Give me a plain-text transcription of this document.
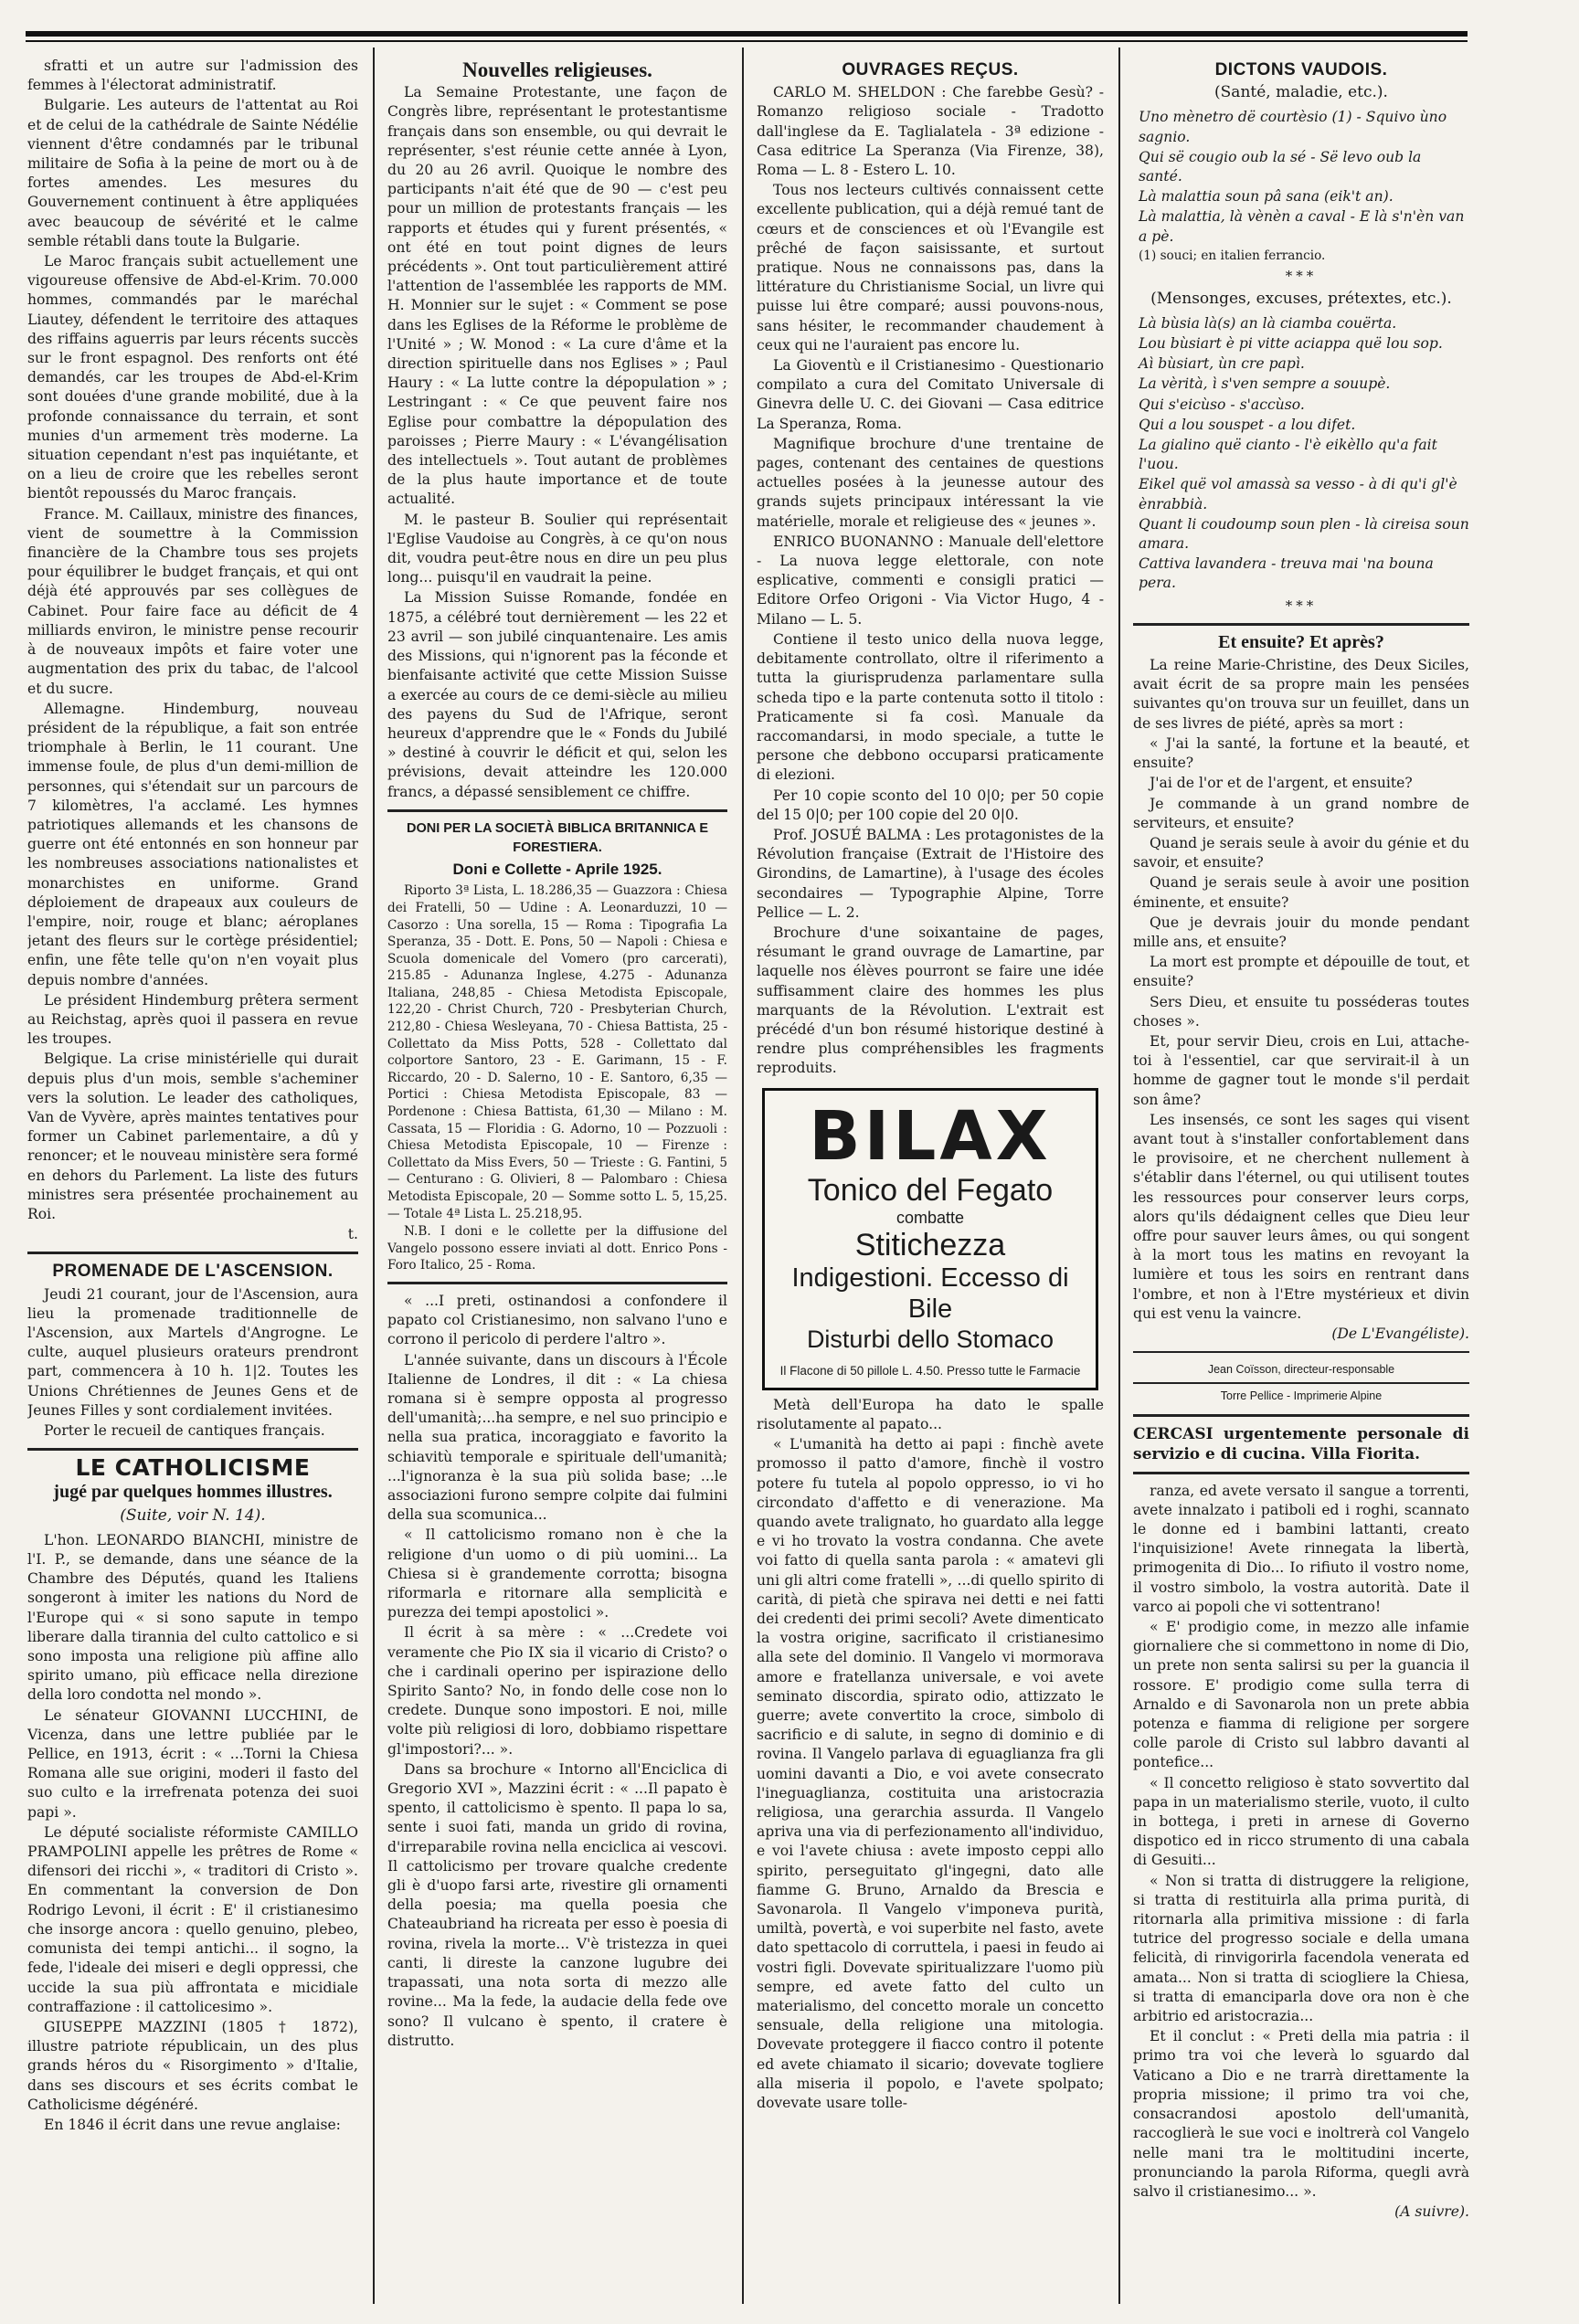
sfratti et un autre sur l'admission des femmes à l'électorat administratif.

Bulgarie. Les auteurs de l'attentat au Roi et de celui de la cathédrale de Sainte Nédélie viennent d'être condamnés par le tribunal militaire de Sofia à la peine de mort ou à de fortes amendes. Les mesures du Gouvernement continuent à être appliquées avec beaucoup de sévérité et le calme semble rétabli dans toute la Bulgarie.

Le Maroc français subit actuellement une vigoureuse offensive de Abd-el-Krim. 70.000 hommes, commandés par le maréchal Liautey, défendent le territoire des attaques des riffains aguerris par leurs récents succès sur le front espagnol. Des renforts ont été demandés, car les troupes de Abd-el-Krim sont douées d'une grande mobilité, due à la profonde connaissance du terrain, et sont munies d'un armement très moderne. La situation cependant n'est pas inquiétante, et on a lieu de croire que les rebelles seront bientôt repoussés du Maroc français.

France. M. Caillaux, ministre des finances, vient de soumettre à la Commission financière de la Chambre tous ses projets pour équilibrer le budget français, et qui ont déjà été approuvés par ses collègues de Cabinet. Pour faire face au déficit de 4 milliards environ, le ministre pense recourir à de nouveaux impôts et faire voter une augmentation des prix du tabac, de l'alcool et du sucre.

Allemagne. Hindemburg, nouveau président de la république, a fait son entrée triomphale à Berlin, le 11 courant. Une immense foule, de plus d'un demi-million de personnes, qui s'étendait sur un parcours de 7 kilomètres, l'a acclamé. Les hymnes patriotiques allemands et les chansons de guerre ont été entonnés en son honneur par les nombreuses associations nationalistes et monarchistes en uniforme. Grand déploiement de drapeaux aux couleurs de l'empire, noir, rouge et blanc; aéroplanes jetant des fleurs sur le cortège présidentiel; enfin, une fête telle qu'on n'en voyait plus depuis nombre d'années.

Le président Hindemburg prêtera serment au Reichstag, après quoi il passera en revue les troupes.

Belgique. La crise ministérielle qui durait depuis plus d'un mois, semble s'acheminer vers la solution. Le leader des catholiques, Van de Vyvère, après maintes tentatives pour former un Cabinet parlementaire, a dû y renoncer; et le nouveau ministère sera formé en dehors du Parlement. La liste des futurs ministres sera présentée prochainement au Roi.

t.
PROMENADE DE L'ASCENSION.

Jeudi 21 courant, jour de l'Ascension, aura lieu la promenade traditionnelle de l'Ascension, aux Martels d'Angrogne. Le culte, auquel plusieurs orateurs prendront part, commencera à 10 h. 1|2. Toutes les Unions Chrétiennes de Jeunes Gens et de Jeunes Filles y sont cordialement invitées.

Porter le recueil de cantiques français.

LE CATHOLICISME
jugé par quelques hommes illustres.
(Suite, voir N. 14).

L'hon. LEONARDO BIANCHI, ministre de l'I. P., se demande, dans une séance de la Chambre des Députés, quand les Italiens songeront à imiter les nations du Nord de l'Europe qui « si sono sapute in tempo liberare dalla tirannia del culto cattolico e si sono imposta una religione più affine allo spirito umano, più efficace nella direzione della loro condotta nel mondo ».

Le sénateur GIOVANNI LUCCHINI, de Vicenza, dans une lettre publiée par le Pellice, en 1913, écrit : « ...Torni la Chiesa Romana alle sue origini, moderi il fasto del suo culto e la irrefrenata potenza dei suoi papi ».

Le député socialiste réformiste CAMILLO PRAMPOLINI appelle les prêtres de Rome « difensori dei ricchi », « traditori di Cristo ». En commentant la conversion de Don Rodrigo Levoni, il écrit : E' il cristianesimo che insorge ancora : quello genuino, plebeo, comunista dei tempi antichi... il sogno, la fede, l'ideale dei miseri e degli oppressi, che uccide la sua più affrontata e micidiale contraffazione : il cattolicesimo ».

GIUSEPPE MAZZINI (1805 † 1872), illustre patriote républicain, un des plus grands héros du « Risorgimento » d'Italie, dans ses discours et ses écrits combat le Catholicisme dégénéré.

En 1846 il écrit dans une revue anglaise:

Nouvelles religieuses.

La Semaine Protestante, une façon de Congrès libre, représentant le protestantisme français dans son ensemble, ou qui devrait le représenter, s'est réunie cette année à Lyon, du 20 au 26 avril. Quoique le nombre des participants n'ait été que de 90 — c'est peu pour un million de protestants français — les rapports et études qui y furent présentés, « ont été en tout point dignes de leurs précédents ». Ont tout particulièrement attiré l'attention de l'assemblée les rapports de MM. H. Monnier sur le sujet : « Comment se pose dans les Eglises de la Réforme le problème de l'Unité » ; W. Monod : « La cure d'âme et la direction spirituelle dans nos Eglises » ; Paul Haury : « La lutte contre la dépopulation » ; Lestringant : « Ce que peuvent faire nos Eglise pour combattre la dépopulation des paroisses ; Pierre Maury : « L'évangélisation des intellectuels ». Tout autant de problèmes de la plus haute importance et de toute actualité.

M. le pasteur B. Soulier qui représentait l'Eglise Vaudoise au Congrès, à ce qu'on nous dit, voudra peut-être nous en dire un peu plus long... puisqu'il en vaudrait la peine.

La Mission Suisse Romande, fondée en 1875, a célébré tout dernièrement — les 22 et 23 avril — son jubilé cinquantenaire. Les amis des Missions, qui n'ignorent pas la féconde et bienfaisante activité que cette Mission Suisse a exercée au cours de ce demi-siècle au milieu des payens du Sud de l'Afrique, seront heureux d'apprendre que le « Fonds du Jubilé » destiné à couvrir le déficit et qui, selon les prévisions, devait atteindre les 120.000 francs, a dépassé sensiblement ce chiffre.

DONI PER LA SOCIETÀ BIBLICA BRITANNICA E FORESTIERA.
Doni e Collette - Aprile 1925.

Riporto 3ª Lista, L. 18.286,35 — Guazzora : Chiesa dei Fratelli, 50 — Udine : A. Leonarduzzi, 10 — Casorzo : Una sorella, 15 — Roma : Tipografia La Speranza, 35 - Dott. E. Pons, 50 — Napoli : Chiesa e Scuola domenicale del Vomero (pro carcerati), 215.85 - Adunanza Inglese, 4.275 - Adunanza Italiana, 248,85 - Chiesa Metodista Episcopale, 122,20 - Christ Church, 720 - Presbyterian Church, 212,80 - Chiesa Wesleyana, 70 - Chiesa Battista, 25 - Collettato da Miss Potts, 528 - Collettato dal colportore Santoro, 23 - E. Garimann, 15 - F. Riccardo, 20 - D. Salerno, 10 - E. Santoro, 6,35 — Portici : Chiesa Metodista Episcopale, 83 — Pordenone : Chiesa Battista, 61,30 — Milano : M. Cassata, 15 — Floridia : G. Adorno, 10 — Pozzuoli : Chiesa Metodista Episcopale, 10 — Firenze : Collettato da Miss Evers, 50 — Trieste : G. Fantini, 5 — Centurano : G. Olivieri, 8 — Palombaro : Chiesa Metodista Episcopale, 20 — Somme sotto L. 5, 15,25. — Totale 4ª Lista L. 25.218,95.

N.B. I doni e le collette per la diffusione del Vangelo possono essere inviati al dott. Enrico Pons - Foro Italico, 25 - Roma.

« ...I preti, ostinandosi a confondere il papato col Cristianesimo, non salvano l'uno e corrono il pericolo di perdere l'altro ».

L'année suivante, dans un discours à l'École Italienne de Londres, il dit : « La chiesa romana si è sempre opposta al progresso dell'umanità;...ha sempre, e nel suo principio e nella sua pratica, incoraggiato e favorito la schiavitù temporale e spirituale dell'umanità; ...l'ignoranza è la sua più solida base; ...le associazioni furono sempre colpite dai fulmini della sua scomunica...

« Il cattolicismo romano non è che la religione d'un uomo o di più uomini... La Chiesa si è grandemente corrotta; bisogna riformarla e ritornare alla semplicità e purezza dei tempi apostolici ».

Il écrit à sa mère : « ...Credete voi veramente che Pio IX sia il vicario di Cristo? o che i cardinali operino per ispirazione dello Spirito Santo? No, in fondo delle cose non lo credete. Dunque sono impostori. E noi, mille volte più religiosi di loro, dobbiamo rispettare gl'impostori?... ».

Dans sa brochure « Intorno all'Enciclica di Gregorio XVI », Mazzini écrit : « ...Il papato è spento, il cattolicismo è spento. Il papa lo sa, sente i suoi fati, manda un grido di rovina, d'irreparabile rovina nella enciclica ai vescovi. Il cattolicismo per trovare qualche credente gli è d'uopo farsi arte, rivestire gli ornamenti della poesia; ma quella poesia che Chateaubriand ha ricreata per esso è poesia di rovina, rivela la morte... V'è tristezza in quei canti, li direste la canzone lugubre dei trapassati, una nota sorta di mezzo alle rovine... Ma la fede, la audacie della fede ove sono? Il vulcano è spento, il cratere è distrutto.

OUVRAGES REÇUS.

CARLO M. SHELDON : Che farebbe Gesù? - Romanzo religioso sociale - Tradotto dall'inglese da E. Taglialatela - 3ª edizione - Casa editrice La Speranza (Via Firenze, 38), Roma — L. 8 - Estero L. 10.

Tous nos lecteurs cultivés connaissent cette excellente publication, qui a déjà remué tant de cœurs et de consciences et où l'Evangile est prêché de façon saisissante, et surtout pratique. Nous ne connaissons pas, dans la littérature du Christianisme Social, un livre qui puisse lui être comparé; aussi pouvons-nous, sans hésiter, le recommander chaudement à ceux qui ne l'auraient pas encore lu.

La Gioventù e il Cristianesimo - Questionario compilato a cura del Comitato Universale di Ginevra delle U. C. dei Giovani — Casa editrice La Speranza, Roma.

Magnifique brochure d'une trentaine de pages, contenant des centaines de questions actuelles posées à la jeunesse autour des grands sujets principaux intéressant la vie matérielle, morale et religieuse des « jeunes ».

ENRICO BUONANNO : Manuale dell'elettore - La nuova legge elettorale, con note esplicative, commenti e consigli pratici — Editore Orfeo Origoni - Via Victor Hugo, 4 - Milano — L. 5.

Contiene il testo unico della nuova legge, debitamente controllato, oltre il riferimento a tutta la giurisprudenza parlamentare sulla scheda tipo e la parte contenuta sotto il titolo : Praticamente si fa così. Manuale da raccomandarsi, in modo speciale, a tutte le persone che debbono occuparsi praticamente di elezioni.

Per 10 copie sconto del 10 0|0; per 50 copie del 15 0|0; per 100 copie del 20 0|0.

Prof. JOSUÉ BALMA : Les protagonistes de la Révolution française (Extrait de l'Histoire des Girondins, de Lamartine), à l'usage des écoles secondaires — Typographie Alpine, Torre Pellice — L. 2.

Brochure d'une soixantaine de pages, résumant le grand ouvrage de Lamartine, par laquelle nos élèves pourront se faire une idée suffisamment claire des hommes les plus marquants de la Révolution. L'extrait est précédé d'un bon résumé historique destiné à rendre plus compréhensibles les fragments reproduits.

BILAX
Tonico del Fegato
combatte
Stitichezza
Indigestioni. Eccesso di Bile
Disturbi dello Stomaco
Il Flacone di 50 pillole L. 4.50. Presso tutte le Farmacie

Metà dell'Europa ha dato le spalle risolutamente al papato...

« L'umanità ha detto ai papi : finchè avete promosso il patto d'amore, finchè il vostro potere fu tutela al popolo oppresso, io vi ho circondato d'affetto e di venerazione. Ma quando avete tralignato, ho guardato alla legge e vi ho trovato la vostra condanna. Che avete voi fatto di quella santa parola : « amatevi gli uni gli altri come fratelli », ...di quello spirito di carità, di pietà che spirava nei detti e nei fatti dei credenti dei primi secoli? Avete dimenticato la vostra origine, sacrificato il cristianesimo alla sete del dominio. Il Vangelo vi mormorava amore e fratellanza universale, e voi avete seminato discordia, spirato odio, attizzato le guerre; avete convertito la croce, simbolo di sacrificio e di salute, in segno di dominio e di rovina. Il Vangelo parlava di eguaglianza fra gli uomini davanti a Dio, e voi avete consecrato l'ineguaglianza, costituita una aristocrazia religiosa, una gerarchia assurda. Il Vangelo apriva una via di perfezionamento all'individuo, e voi l'avete chiusa : avete imposto ceppi allo spirito, perseguitato gl'ingegni, dato alle fiamme G. Bruno, Arnaldo da Brescia e Savonarola. Il Vangelo v'imponeva purità, umiltà, povertà, e voi superbite nel fasto, avete dato spettacolo di corruttela, i paesi in feudo ai vostri figli. Dovevate spiritualizzare l'uomo più sempre, ed avete fatto del culto un materialismo, del concetto morale un concetto sensuale, della religione una mitologia. Dovevate proteggere il fiacco contro il potente ed avete chiamato il sicario; dovevate togliere alla miseria il popolo, e l'avete spolpato; dovevate usare tolle-

DICTONS VAUDOIS.
(Santé, maladie, etc.).

Uno mènetro dë courtèsio (1) - Squivo ùno sagnio.

Qui së cougio oub la sé - Së levo oub la santé.

Là malattia soun pâ sana (eik't an).

Là malattia, là vènèn a caval - E là s'n'èn van a pè.

(1) souci; en italien ferrancio.
***
(Mensonges, excuses, prétextes, etc.).

Là bùsia là(s) an là ciamba couërta.

Lou bùsiart è pi vitte aciappa quë lou sop.

Aì bùsiart, ùn cre papì.

La vèrità, ì s'ven sempre a souupè.

Qui s'eicùso - s'accùso.

Qui a lou souspet - a lou difet.

La gialino quë cianto - l'è eikèllo qu'a fait l'uou.

Eikel quë vol amassà sa vesso - à di qu'i gl'è ènrabbià.

Quant li coudoump soun plen - là cireisa soun amara.

Cattiva lavandera - treuva mai 'na bouna pera.

***
Et ensuite? Et après?

La reine Marie-Christine, des Deux Siciles, avait écrit de sa propre main les pensées suivantes qu'on trouva sur un feuillet, dans un de ses livres de piété, après sa mort :

« J'ai la santé, la fortune et la beauté, et ensuite?

J'ai de l'or et de l'argent, et ensuite?

Je commande à un grand nombre de serviteurs, et ensuite?

Quand je serais seule à avoir du génie et du savoir, et ensuite?

Quand je serais seule à avoir une position éminente, et ensuite?

Que je devrais jouir du monde pendant mille ans, et ensuite?

La mort est prompte et dépouille de tout, et ensuite?

Sers Dieu, et ensuite tu posséderas toutes choses ».

Et, pour servir Dieu, crois en Lui, attache-toi à l'essentiel, car que servirait-il à un homme de gagner tout le monde s'il perdait son âme?

Les insensés, ce sont les sages qui visent avant tout à s'installer confortablement dans le provisoire, et ne cherchent nullement à s'établir dans l'éternel, ou qui utilisent toutes les ressources pour conserver leurs corps, alors qu'ils dédaignent celles que Dieu leur offre pour sauver leurs âmes, ou qui songent à la mort tous les matins en revoyant la lumière et tous les soirs en rentrant dans l'ombre, et non à l'Etre mystérieux et divin qui est venu la vaincre.

(De L'Evangéliste).
Jean Coïsson, directeur-responsable
Torre Pellice - Imprimerie Alpine
CERCASI urgentemente personale di servizio e di cucina. Villa Fiorita.

ranza, ed avete versato il sangue a torrenti, avete innalzato i patiboli ed i roghi, scannato le donne ed i bambini lattanti, creato l'inquisizione! Avete rinnegata la libertà, primogenita di Dio... Io rifiuto il vostro nome, il vostro simbolo, la vostra autorità. Date il varco ai popoli che vi sottentrano!

« E' prodigio come, in mezzo alle infamie giornaliere che si commettono in nome di Dio, un prete non senta salirsi su per la guancia il rossore. E' prodigio come sulla terra di Arnaldo e di Savonarola non un prete abbia potenza e fiamma di religione per sorgere colle parole di Cristo sul labbro davanti al pontefice...

« Il concetto religioso è stato sovvertito dal papa in un materialismo sterile, vuoto, il culto in bottega, i preti in arnese di Governo dispotico ed in ricco strumento di una cabala di Gesuiti...

« Non si tratta di distruggere la religione, si tratta di restituirla alla prima purità, di ritornarla alla primitiva missione : di farla tutrice del progresso sociale e della umana felicità, di rinvigorirla facendola venerata ed amata... Non si tratta di sciogliere la Chiesa, si tratta di emanciparla dove ora non è che arbitrio ed aristocrazia...

Et il conclut : « Preti della mia patria : il primo tra voi che leverà lo sguardo dal Vaticano a Dio e ne trarrà direttamente la propria missione; il primo tra voi che, consacrandosi apostolo dell'umanità, raccoglierà le sue voci e inoltrerà col Vangelo nelle mani tra le moltitudini incerte, pronunciando la parola Riforma, quegli avrà salvo il cristianesimo... ».

(A suivre).
